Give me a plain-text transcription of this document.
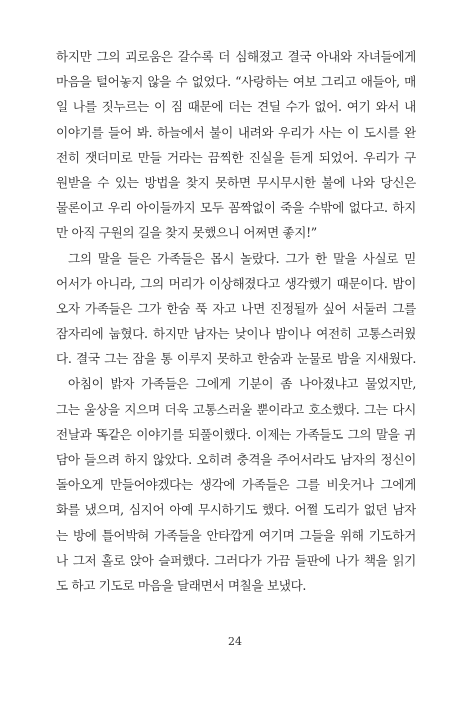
하지만 그의 괴로움은 갈수록 더 심해졌고 결국 아내와 자녀들에게
마음을 털어놓지 않을 수 없었다. “사랑하는 여보 그리고 애들아, 매
일 나를 짓누르는 이 짐 때문에 더는 견딜 수가 없어. 여기 와서 내
이야기를 들어 봐. 하늘에서 불이 내려와 우리가 사는 이 도시를 완
전히 잿더미로 만들 거라는 끔찍한 진실을 듣게 되었어. 우리가 구
원받을 수 있는 방법을 찾지 못하면 무시무시한 불에 나와 당신은
물론이고 우리 아이들까지 모두 꼼짝없이 죽을 수밖에 없다고. 하지
만 아직 구원의 길을 찾지 못했으니 어쩌면 좋지!”
그의 말을 들은 가족들은 몹시 놀랐다. 그가 한 말을 사실로 믿
어서가 아니라, 그의 머리가 이상해졌다고 생각했기 때문이다. 밤이
오자 가족들은 그가 한숨 푹 자고 나면 진정될까 싶어 서둘러 그를
잠자리에 눕혔다. 하지만 남자는 낮이나 밤이나 여전히 고통스러웠
다. 결국 그는 잠을 통 이루지 못하고 한숨과 눈물로 밤을 지새웠다.
아침이 밝자 가족들은 그에게 기분이 좀 나아졌냐고 물었지만,
그는 울상을 지으며 더욱 고통스러울 뿐이라고 호소했다. 그는 다시
전날과 똑같은 이야기를 되풀이했다. 이제는 가족들도 그의 말을 귀
담아 들으려 하지 않았다. 오히려 충격을 주어서라도 남자의 정신이
돌아오게 만들어야겠다는 생각에 가족들은 그를 비웃거나 그에게
화를 냈으며, 심지어 아예 무시하기도 했다. 어쩔 도리가 없던 남자
는 방에 틀어박혀 가족들을 안타깝게 여기며 그들을 위해 기도하거
나 그저 홀로 앉아 슬퍼했다. 그러다가 가끔 들판에 나가 책을 읽기
도 하고 기도로 마음을 달래면서 며칠을 보냈다.
24
